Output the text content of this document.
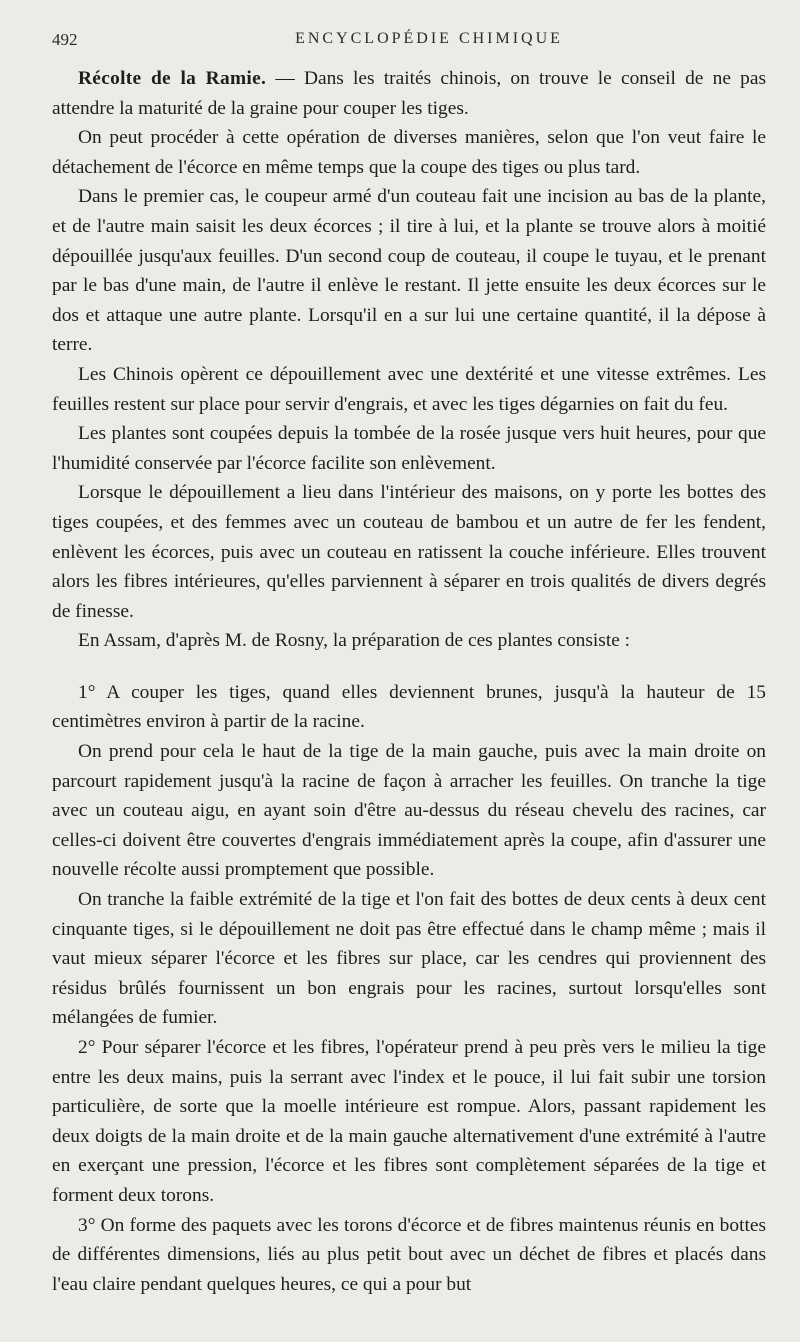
492	ENCYCLOPÉDIE CHIMIQUE

Récolte de la Ramie. — Dans les traités chinois, on trouve le conseil de ne pas attendre la maturité de la graine pour couper les tiges.

On peut procéder à cette opération de diverses manières, selon que l'on veut faire le détachement de l'écorce en même temps que la coupe des tiges ou plus tard.

Dans le premier cas, le coupeur armé d'un couteau fait une incision au bas de la plante, et de l'autre main saisit les deux écorces ; il tire à lui, et la plante se trouve alors à moitié dépouillée jusqu'aux feuilles. D'un second coup de couteau, il coupe le tuyau, et le prenant par le bas d'une main, de l'autre il enlève le restant. Il jette ensuite les deux écorces sur le dos et attaque une autre plante. Lorsqu'il en a sur lui une certaine quantité, il la dépose à terre.

Les Chinois opèrent ce dépouillement avec une dextérité et une vitesse extrêmes. Les feuilles restent sur place pour servir d'engrais, et avec les tiges dégarnies on fait du feu.

Les plantes sont coupées depuis la tombée de la rosée jusque vers huit heures, pour que l'humidité conservée par l'écorce facilite son enlèvement.

Lorsque le dépouillement a lieu dans l'intérieur des maisons, on y porte les bottes des tiges coupées, et des femmes avec un couteau de bambou et un autre de fer les fendent, enlèvent les écorces, puis avec un couteau en ratissent la couche inférieure. Elles trouvent alors les fibres intérieures, qu'elles parviennent à séparer en trois qualités de divers degrés de finesse.

En Assam, d'après M. de Rosny, la préparation de ces plantes consiste :

1° A couper les tiges, quand elles deviennent brunes, jusqu'à la hauteur de 15 centimètres environ à partir de la racine.

On prend pour cela le haut de la tige de la main gauche, puis avec la main droite on parcourt rapidement jusqu'à la racine de façon à arracher les feuilles. On tranche la tige avec un couteau aigu, en ayant soin d'être au-dessus du réseau chevelu des racines, car celles-ci doivent être couvertes d'engrais immédiatement après la coupe, afin d'assurer une nouvelle récolte aussi promptement que possible.

On tranche la faible extrémité de la tige et l'on fait des bottes de deux cents à deux cent cinquante tiges, si le dépouillement ne doit pas être effectué dans le champ même ; mais il vaut mieux séparer l'écorce et les fibres sur place, car les cendres qui proviennent des résidus brûlés fournissent un bon engrais pour les racines, surtout lorsqu'elles sont mélangées de fumier.

2° Pour séparer l'écorce et les fibres, l'opérateur prend à peu près vers le milieu la tige entre les deux mains, puis la serrant avec l'index et le pouce, il lui fait subir une torsion particulière, de sorte que la moelle intérieure est rompue. Alors, passant rapidement les deux doigts de la main droite et de la main gauche alternativement d'une extrémité à l'autre en exerçant une pression, l'écorce et les fibres sont complètement séparées de la tige et forment deux torons.

3° On forme des paquets avec les torons d'écorce et de fibres maintenus réunis en bottes de différentes dimensions, liés au plus petit bout avec un déchet de fibres et placés dans l'eau claire pendant quelques heures, ce qui a pour but
